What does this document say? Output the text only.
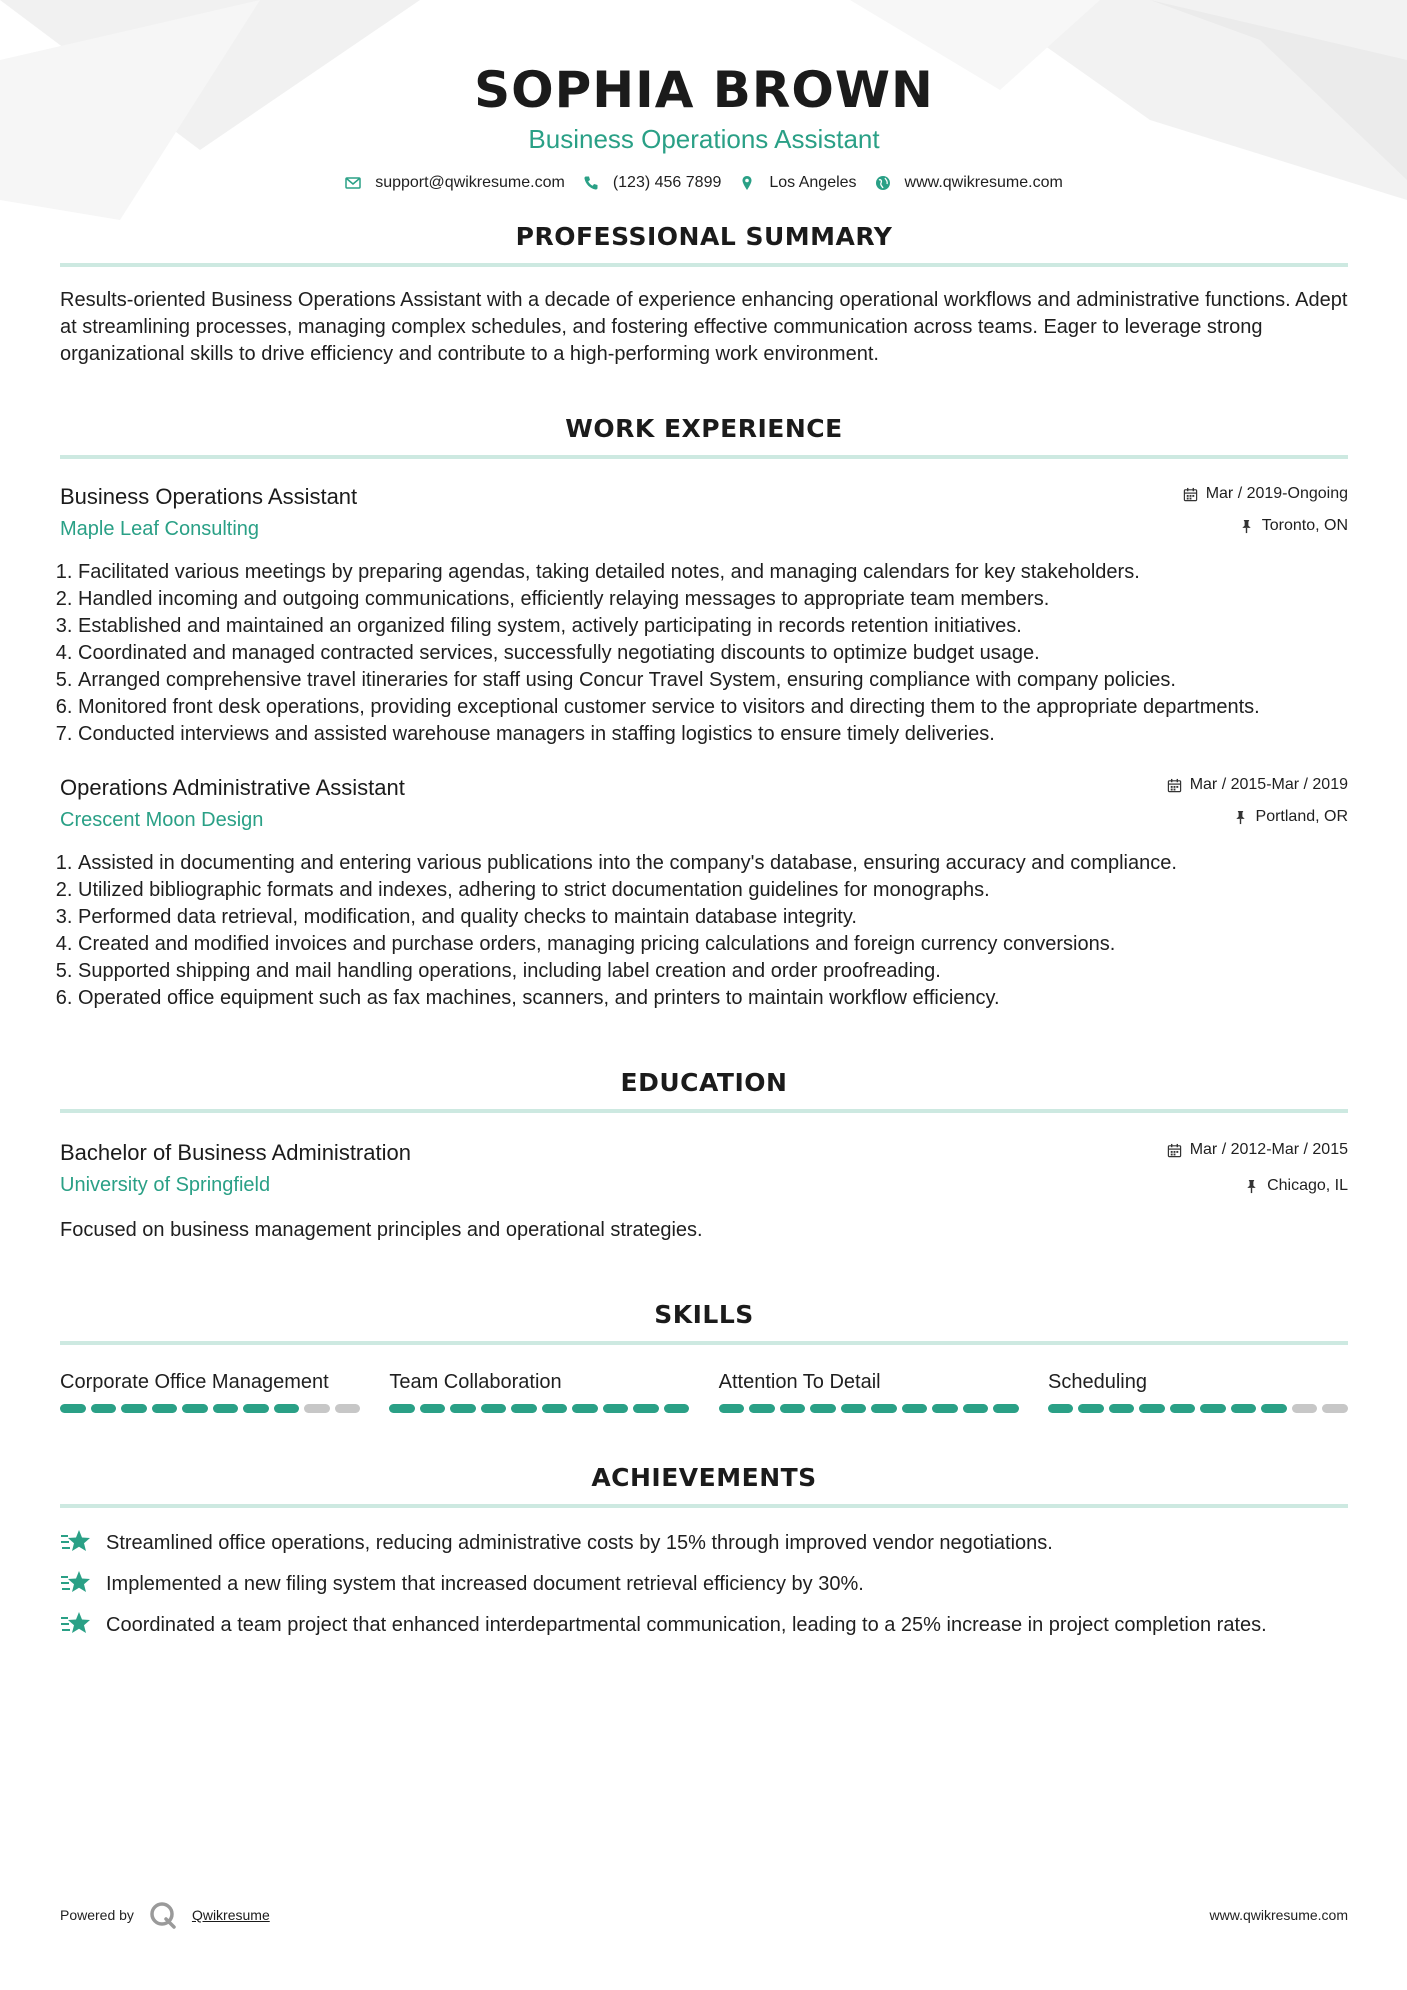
SOPHIA BROWN
Business Operations Assistant
support@qwikresume.com	(123) 456 7899	Los Angeles	www.qwikresume.com
PROFESSIONAL SUMMARY
Results-oriented Business Operations Assistant with a decade of experience enhancing operational workflows and administrative functions. Adept at streamlining processes, managing complex schedules, and fostering effective communication across teams. Eager to leverage strong organizational skills to drive efficiency and contribute to a high-performing work environment.
WORK EXPERIENCE
Business Operations Assistant
Maple Leaf Consulting
Mar / 2019-Ongoing
Toronto, ON
1. Facilitated various meetings by preparing agendas, taking detailed notes, and managing calendars for key stakeholders.
2. Handled incoming and outgoing communications, efficiently relaying messages to appropriate team members.
3. Established and maintained an organized filing system, actively participating in records retention initiatives.
4. Coordinated and managed contracted services, successfully negotiating discounts to optimize budget usage.
5. Arranged comprehensive travel itineraries for staff using Concur Travel System, ensuring compliance with company policies.
6. Monitored front desk operations, providing exceptional customer service to visitors and directing them to the appropriate departments.
7. Conducted interviews and assisted warehouse managers in staffing logistics to ensure timely deliveries.
Operations Administrative Assistant
Crescent Moon Design
Mar / 2015-Mar / 2019
Portland, OR
1. Assisted in documenting and entering various publications into the company's database, ensuring accuracy and compliance.
2. Utilized bibliographic formats and indexes, adhering to strict documentation guidelines for monographs.
3. Performed data retrieval, modification, and quality checks to maintain database integrity.
4. Created and modified invoices and purchase orders, managing pricing calculations and foreign currency conversions.
5. Supported shipping and mail handling operations, including label creation and order proofreading.
6. Operated office equipment such as fax machines, scanners, and printers to maintain workflow efficiency.
EDUCATION
Bachelor of Business Administration
University of Springfield
Mar / 2012-Mar / 2015
Chicago, IL
Focused on business management principles and operational strategies.
SKILLS
Corporate Office Management	Team Collaboration	Attention To Detail	Scheduling
ACHIEVEMENTS
Streamlined office operations, reducing administrative costs by 15% through improved vendor negotiations.
Implemented a new filing system that increased document retrieval efficiency by 30%.
Coordinated a team project that enhanced interdepartmental communication, leading to a 25% increase in project completion rates.
Powered by	Qwikresume	www.qwikresume.com
